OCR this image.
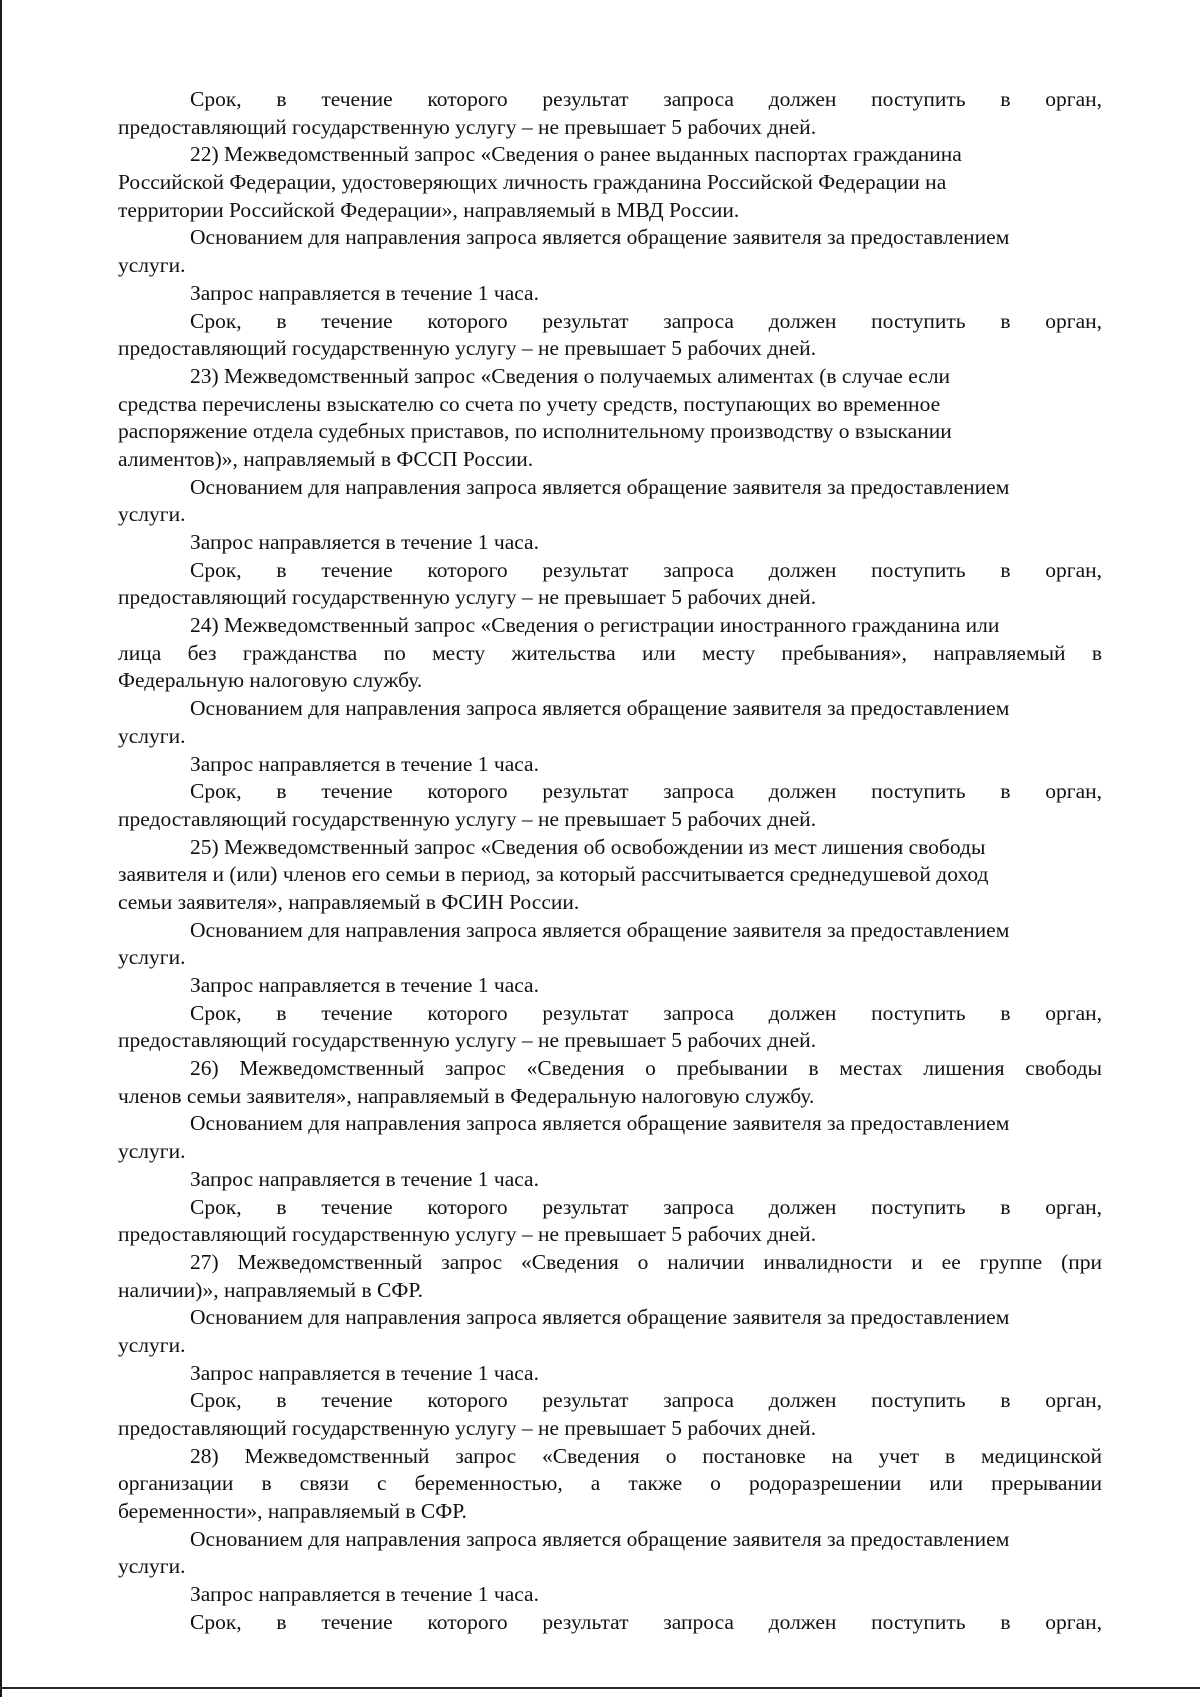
Срок, в течение которого результат запроса должен поступить в орган,
предоставляющий государственную услугу – не превышает 5 рабочих дней.
22) Межведомственный запрос «Сведения о ранее выданных паспортах гражданина
Российской Федерации, удостоверяющих личность гражданина Российской Федерации на
территории Российской Федерации», направляемый в МВД России.
Основанием для направления запроса является обращение заявителя за предоставлением
услуги.
Запрос направляется в течение 1 часа.
Срок, в течение которого результат запроса должен поступить в орган,
предоставляющий государственную услугу – не превышает 5 рабочих дней.
23) Межведомственный запрос «Сведения о получаемых алиментах (в случае если
средства перечислены взыскателю со счета по учету средств, поступающих во временное
распоряжение отдела судебных приставов, по исполнительному производству о взыскании
алиментов)», направляемый в ФССП России.
Основанием для направления запроса является обращение заявителя за предоставлением
услуги.
Запрос направляется в течение 1 часа.
Срок, в течение которого результат запроса должен поступить в орган,
предоставляющий государственную услугу – не превышает 5 рабочих дней.
24) Межведомственный запрос «Сведения о регистрации иностранного гражданина или
лица без гражданства по месту жительства или месту пребывания», направляемый в
Федеральную налоговую службу.
Основанием для направления запроса является обращение заявителя за предоставлением
услуги.
Запрос направляется в течение 1 часа.
Срок, в течение которого результат запроса должен поступить в орган,
предоставляющий государственную услугу – не превышает 5 рабочих дней.
25) Межведомственный запрос «Сведения об освобождении из мест лишения свободы
заявителя и (или) членов его семьи в период, за который рассчитывается среднедушевой доход
семьи заявителя», направляемый в ФСИН России.
Основанием для направления запроса является обращение заявителя за предоставлением
услуги.
Запрос направляется в течение 1 часа.
Срок, в течение которого результат запроса должен поступить в орган,
предоставляющий государственную услугу – не превышает 5 рабочих дней.
26) Межведомственный запрос «Сведения о пребывании в местах лишения свободы
членов семьи заявителя», направляемый в Федеральную налоговую службу.
Основанием для направления запроса является обращение заявителя за предоставлением
услуги.
Запрос направляется в течение 1 часа.
Срок, в течение которого результат запроса должен поступить в орган,
предоставляющий государственную услугу – не превышает 5 рабочих дней.
27) Межведомственный запрос «Сведения о наличии инвалидности и ее группе (при
наличии)», направляемый в СФР.
Основанием для направления запроса является обращение заявителя за предоставлением
услуги.
Запрос направляется в течение 1 часа.
Срок, в течение которого результат запроса должен поступить в орган,
предоставляющий государственную услугу – не превышает 5 рабочих дней.
28) Межведомственный запрос «Сведения о постановке на учет в медицинской
организации в связи с беременностью, а также о родоразрешении или прерывании
беременности», направляемый в СФР.
Основанием для направления запроса является обращение заявителя за предоставлением
услуги.
Запрос направляется в течение 1 часа.
Срок, в течение которого результат запроса должен поступить в орган,
